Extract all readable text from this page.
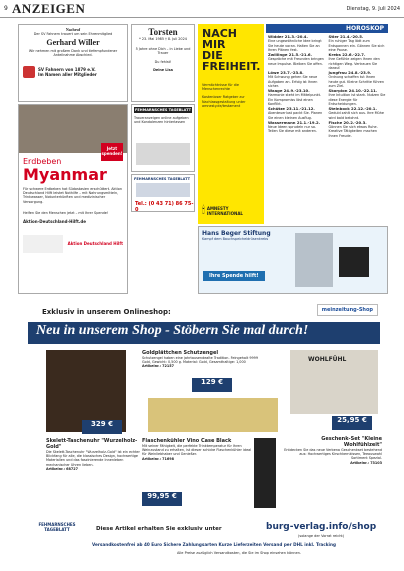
9 ANZEIGEN	Dienstag, 9. Juli 2024
Nachruf
Der SV Fahnern trauert um sein Ehrenmitglied
Gerhard Willer
Wir nehmen mit großem Dank und tiefempfundener Anteilnahme Abschied.
SV Fahnern von 1879 e.V.
Im Namen aller Mitglieder
Torsten
* 23. Mai 1985 † 8. Juli 2024
5 Jahre ohne Dich – in Liebe und Trauer
Du fehlst!
Deine Lisa
FEHMARNSCHES TAGEBLATT
Traueranzeigen online aufgeben und Kondolenzen hinterlassen
FEHMARNSCHES TAGEBLATT
Tel.: (0 43 71) 86 75-0
NACH MIR
DIE
FREIHEIT.
Vermächtnisse für die Menschenrechte
Kostenloser Ratgeber zur Nachlassgestaltung unter amnesty.de/testament
🕯 AMNESTY INTERNATIONAL
HOROSKOP
Widder 21.3.-20.4.
Eine ungewöhnliche Idee bringt Sie heute voran. Halten Sie an Ihren Plänen fest.
Stier 21.4.-20.5.
Ein ruhiger Tag lädt zum Entspannen ein. Gönnen Sie sich eine Pause.
Zwillinge 21.5.-21.6.
Gespräche mit Freunden bringen neue Impulse. Bleiben Sie offen.
Krebs 22.6.-22.7.
Ihre Gefühle zeigen Ihnen den richtigen Weg. Vertrauen Sie darauf.
Löwe 23.7.-23.8.
Mit Schwung gehen Sie neue Aufgaben an. Erfolg ist Ihnen sicher.
Jungfrau 24.8.-23.9.
Ordnung schaffen tut Ihnen heute gut. Kleine Schritte führen zum Ziel.
Waage 24.9.-23.10.
Harmonie steht im Mittelpunkt. Ein Kompromiss löst einen Konflikt.
Skorpion 24.10.-22.11.
Ihre Intuition ist stark. Nutzen Sie diese Energie für Entscheidungen.
Schütze 23.11.-21.12.
Abenteuerlust packt Sie. Planen Sie einen kleinen Ausflug.
Steinbock 22.12.-20.1.
Geduld zahlt sich aus. Ihre Mühe wird bald belohnt.
Wassermann 21.1.-19.2.
Neue Ideen sprudeln nur so. Teilen Sie diese mit anderen.
Fische 20.2.-20.3.
Gönnen Sie sich etwas Ruhe. Kreative Tätigkeiten machen Ihnen Freude.
Jetzt spenden!
Erdbeben
Myanmar
Für schwere Erdbeben hat Südostasien erschüttert. Aktion Deutschland Hilft leistet Nothilfe – mit Nahrungsmitteln, Trinkwasser, Notunterkünften und medizinischer Versorgung.
Helfen Sie den Menschen jetzt – mit Ihrer Spende!
Aktion-Deutschland-Hilft.de
Aktion Deutschland Hilft
Hans Beger Stiftung
Kampf dem Bauchspeicheldrüsenkrebs
Ihre Spende hilft!
Exklusiv in unserem Onlineshop:	meinzeitung-Shop
Neu in unserem Shop - Stöbern Sie mal durch!
Goldplättchen Schutzengel
Schutzengel haben eine jahrtausendealte Tradition. Feingehalt 9999 Gold, Gewicht: 0,500 g. Material: Gold, Gesamthaltige: 1,000
Artikelnr.: 72157
129 €
329 €
Skelett-Taschenuhr "Wurzelholz-Gold"
Die Skelett-Taschenuhr "Wurzelholz-Gold" ist ein echter Blickfang für alle, die klassisches Design, hochwertige Materialien und das faszinierende Innenleben mechanischer Uhren lieben.
Artikelnr.: 68727
Flaschenkühler Vino Case Black
Mit seiner Fähigkeit, die perfekte Trinktemperatur für Ihren Weinzustand zu erhalten, ist dieser schicke Flaschenkühler ideal für Weinliebhaber und Genießer.
Artikelnr.: 71698
99,95 €
WOHLFÜHL
25,95 €
Geschenk-Set "Kleine Wohlfühlzeit"
Entdecken Sie das neue Verbena Geschenkset bestehend aus: Hochwertiges Kirschkernkissen, Teeauswahl Sortiment Spezial.
Artikelnr.: 73103
FEHMARNSCHES TAGEBLATT	Diese Artikel erhalten Sie exklusiv unter	burg-verlag.info/shop
(solange der Vorrat reicht)
Versandkostenfrei ab 40 Euro Sichere Zahlungsarten Kurze Lieferzeiten Versand per DHL inkl. Tracking
Alle Preise zuzüglich Versandkosten, die Sie im Shop einsehen können.
